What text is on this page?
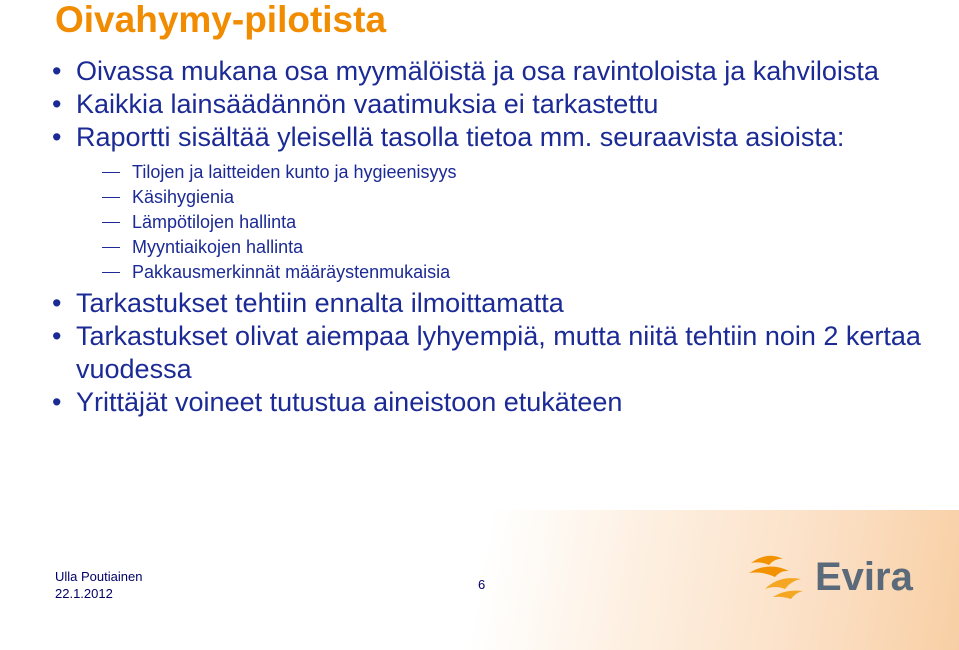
Oivahymy-pilotista
• Oivassa mukana osa myymälöistä ja osa ravintoloista ja kahviloista
• Kaikkia lainsäädännön vaatimuksia ei tarkastettu
• Raportti sisältää yleisellä tasolla tietoa mm. seuraavista asioista:
Tilojen ja laitteiden kunto ja hygieenisyys
Käsihygienia
Lämpötilojen hallinta
Myyntiaikojen hallinta
Pakkausmerkinnät määräystenmukaisia
• Tarkastukset tehtiin ennalta ilmoittamatta
• Tarkastukset olivat aiempaa lyhyempiä, mutta niitä tehtiin noin 2 kertaa vuodessa
• Yrittäjät voineet tutustua aineistoon etukäteen
Ulla Poutiainen
22.1.2012
6	Evira
